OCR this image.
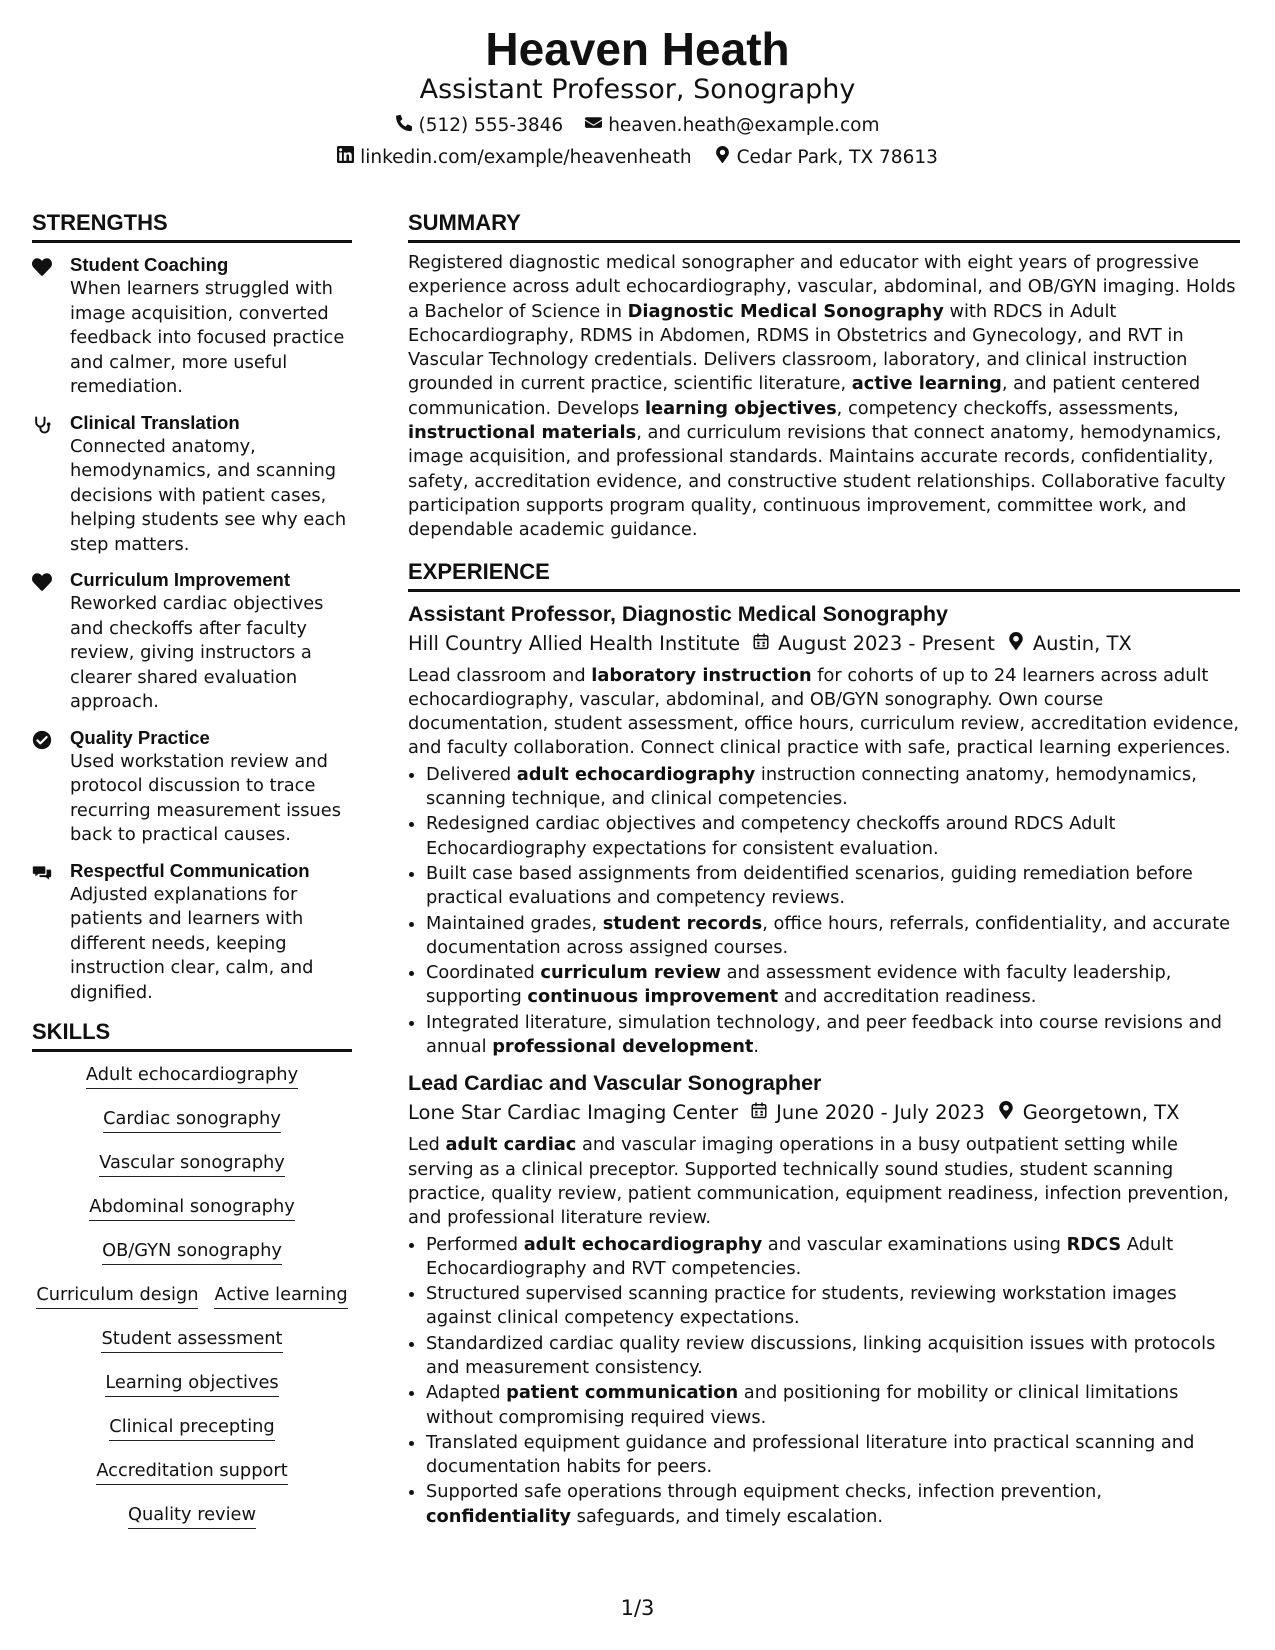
Heaven Heath
Assistant Professor, Sonography
(512) 555-3846 heaven.heath@example.com
linkedin.com/example/heavenheath Cedar Park, TX 78613
STRENGTHS
Student Coaching
When learners struggled with image acquisition, converted feedback into focused practice and calmer, more useful remediation.
Clinical Translation
Connected anatomy, hemodynamics, and scanning decisions with patient cases, helping students see why each step matters.
Curriculum Improvement
Reworked cardiac objectives and checkoffs after faculty review, giving instructors a clearer shared evaluation approach.
Quality Practice
Used workstation review and protocol discussion to trace recurring measurement issues back to practical causes.
Respectful Communication
Adjusted explanations for patients and learners with different needs, keeping instruction clear, calm, and dignified.
SKILLS
Adult echocardiography
Cardiac sonography
Vascular sonography
Abdominal sonography
OB/GYN sonography
Curriculum design Active learning
Student assessment
Learning objectives
Clinical precepting
Accreditation support
Quality review
SUMMARY

Registered diagnostic medical sonographer and educator with eight years of progressive experience across adult echocardiography, vascular, abdominal, and OB/GYN imaging. Holds a Bachelor of Science in Diagnostic Medical Sonography with RDCS in Adult Echocardiography, RDMS in Abdomen, RDMS in Obstetrics and Gynecology, and RVT in Vascular Technology credentials. Delivers classroom, laboratory, and clinical instruction grounded in current practice, scientific literature, active learning, and patient centered communication. Develops learning objectives, competency checkoffs, assessments, instructional materials, and curriculum revisions that connect anatomy, hemodynamics, image acquisition, and professional standards. Maintains accurate records, confidentiality, safety, accreditation evidence, and constructive student relationships. Collaborative faculty participation supports program quality, continuous improvement, committee work, and dependable academic guidance.

EXPERIENCE
Assistant Professor, Diagnostic Medical Sonography
Hill Country Allied Health Institute August 2023 - Present Austin, TX

Lead classroom and laboratory instruction for cohorts of up to 24 learners across adult echocardiography, vascular, abdominal, and OB/GYN sonography. Own course documentation, student assessment, office hours, curriculum review, accreditation evidence, and faculty collaboration. Connect clinical practice with safe, practical learning experiences.

• Delivered adult echocardiography instruction connecting anatomy, hemodynamics, scanning technique, and clinical competencies.
• Redesigned cardiac objectives and competency checkoffs around RDCS Adult Echocardiography expectations for consistent evaluation.
• Built case based assignments from deidentified scenarios, guiding remediation before practical evaluations and competency reviews.
• Maintained grades, student records, office hours, referrals, confidentiality, and accurate documentation across assigned courses.
• Coordinated curriculum review and assessment evidence with faculty leadership, supporting continuous improvement and accreditation readiness.
• Integrated literature, simulation technology, and peer feedback into course revisions and annual professional development.
Lead Cardiac and Vascular Sonographer
Lone Star Cardiac Imaging Center June 2020 - July 2023 Georgetown, TX

Led adult cardiac and vascular imaging operations in a busy outpatient setting while serving as a clinical preceptor. Supported technically sound studies, student scanning practice, quality review, patient communication, equipment readiness, infection prevention, and professional literature review.

• Performed adult echocardiography and vascular examinations using RDCS Adult Echocardiography and RVT competencies.
• Structured supervised scanning practice for students, reviewing workstation images against clinical competency expectations.
• Standardized cardiac quality review discussions, linking acquisition issues with protocols and measurement consistency.
• Adapted patient communication and positioning for mobility or clinical limitations without compromising required views.
• Translated equipment guidance and professional literature into practical scanning and documentation habits for peers.
• Supported safe operations through equipment checks, infection prevention, confidentiality safeguards, and timely escalation.
1/3
